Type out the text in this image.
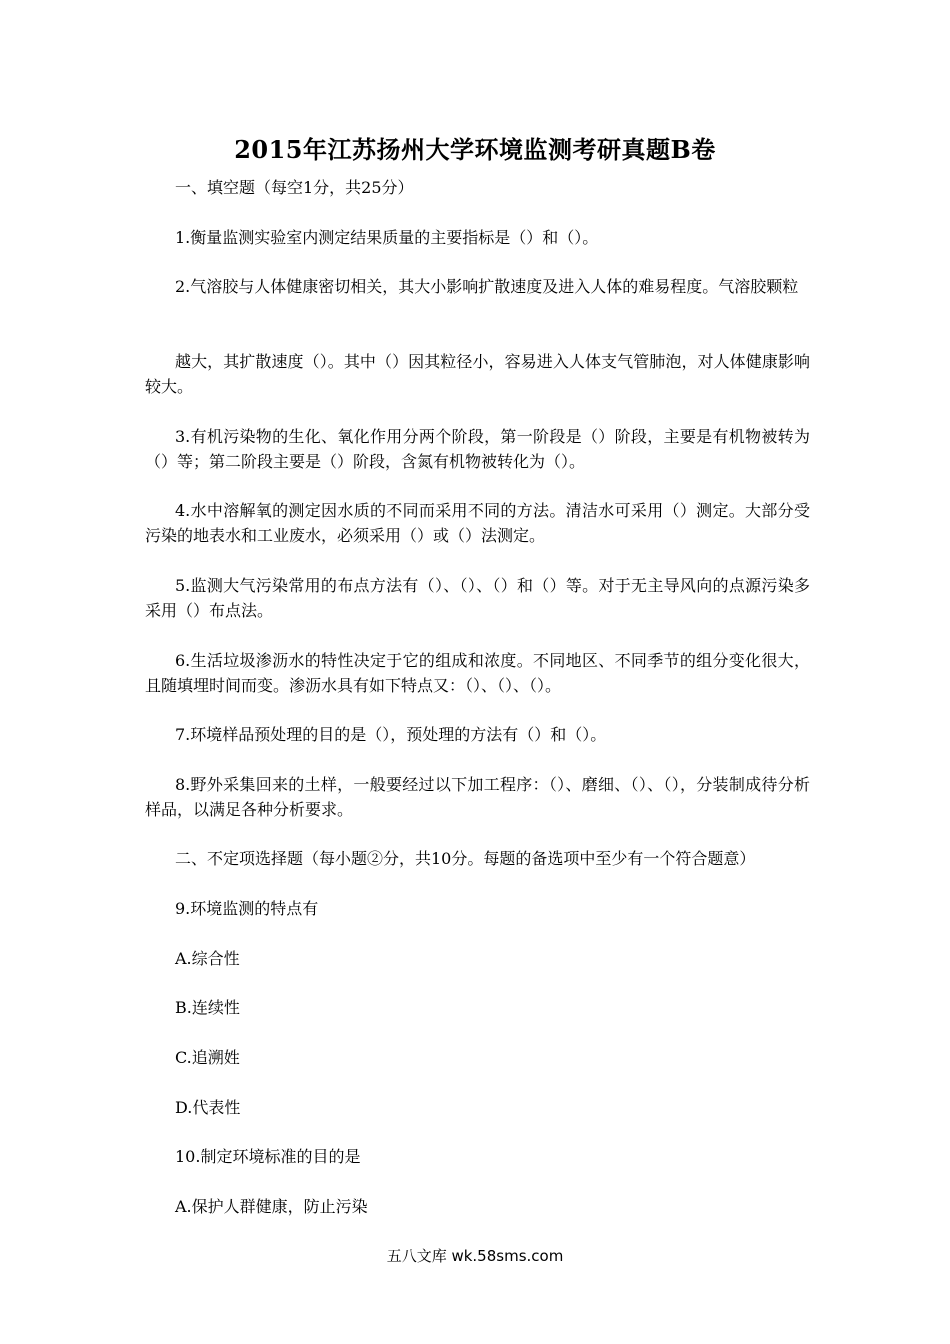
2015年江苏扬州大学环境监测考研真题B卷

一、填空题（每空1分，共25分）

1.衡量监测实验室内测定结果质量的主要指标是（）和（）。

2.气溶胶与人体健康密切相关，其大小影响扩散速度及进入人体的难易程度。气溶胶颗粒

越大，其扩散速度（）。其中（）因其粒径小，容易进入人体支气管肺泡，对人体健康影响较大。

3.有机污染物的生化、氧化作用分两个阶段，第一阶段是（）阶段，主要是有机物被转为（）等；第二阶段主要是（）阶段，含氮有机物被转化为（）。

4.水中溶解氧的测定因水质的不同而采用不同的方法。清洁水可采用（）测定。大部分受污染的地表水和工业废水，必须采用（）或（）法测定。

5.监测大气污染常用的布点方法有（）、（）、（）和（）等。对于无主导风向的点源污染多采用（）布点法。

6.生活垃圾渗沥水的特性决定于它的组成和浓度。不同地区、不同季节的组分变化很大，且随填埋时间而变。渗沥水具有如下特点又：（）、（）、（）。

7.环境样品预处理的目的是（），预处理的方法有（）和（）。

8.野外采集回来的土样，一般要经过以下加工程序：（）、磨细、（）、（），分装制成待分析样品，以满足各种分析要求。

二、不定项选择题（每小题②分，共10分。每题的备选项中至少有一个符合题意）

9.环境监测的特点有

A.综合性

B.连续性

C.追溯姓

D.代表性

10.制定环境标准的目的是

A.保护人群健康，防止污染

五八文库 wk.58sms.com
